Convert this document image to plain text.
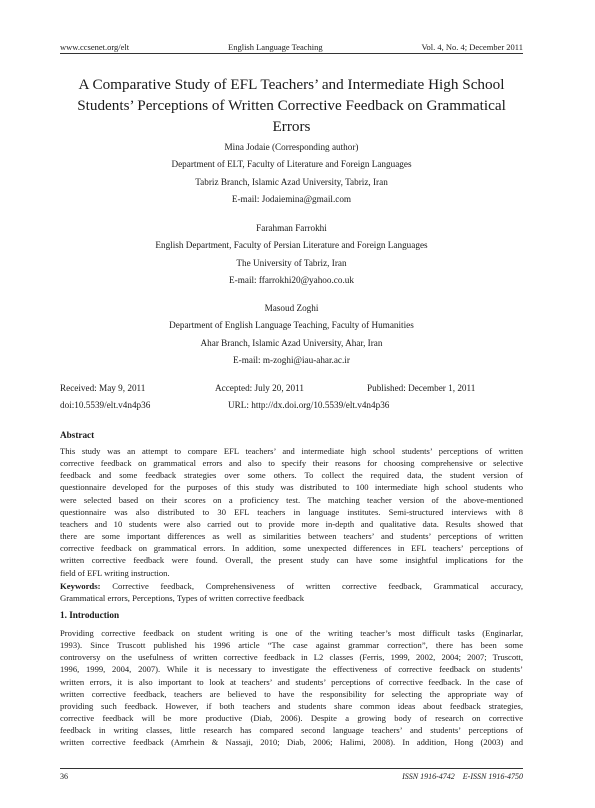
www.ccsenet.org/elt	English Language Teaching	Vol. 4, No. 4; December 2011
A Comparative Study of EFL Teachers’ and Intermediate High School
Students’ Perceptions of Written Corrective Feedback on Grammatical
Errors
Mina Jodaie (Corresponding author)
Department of ELT, Faculty of Literature and Foreign Languages
Tabriz Branch, Islamic Azad University, Tabriz, Iran
E-mail: Jodaiemina@gmail.com
Farahman Farrokhi
English Department, Faculty of Persian Literature and Foreign Languages
The University of Tabriz, Iran
E-mail: ffarrokhi20@yahoo.co.uk
Masoud Zoghi
Department of English Language Teaching, Faculty of Humanities
Ahar Branch, Islamic Azad University, Ahar, Iran
E-mail: m-zoghi@iau-ahar.ac.ir
Received: May 9, 2011	Accepted: July 20, 2011	Published: December 1, 2011
doi:10.5539/elt.v4n4p36	URL: http://dx.doi.org/10.5539/elt.v4n4p36
Abstract

This study was an attempt to compare EFL teachers’ and intermediate high school students’ perceptions of written
corrective feedback on grammatical errors and also to specify their reasons for choosing comprehensive or selective
feedback and some feedback strategies over some others. To collect the required data, the student version of
questionnaire developed for the purposes of this study was distributed to 100 intermediate high school students who
were selected based on their scores on a proficiency test. The matching teacher version of the above-mentioned
questionnaire was also distributed to 30 EFL teachers in language institutes. Semi-structured interviews with 8
teachers and 10 students were also carried out to provide more in-depth and qualitative data. Results showed that
there are some important differences as well as similarities between teachers’ and students’ perceptions of written
corrective feedback on grammatical errors. In addition, some unexpected differences in EFL teachers’ perceptions of
written corrective feedback were found. Overall, the present study can have some insightful implications for the
field of EFL writing instruction.

Keywords: Corrective feedback, Comprehensiveness of written corrective feedback, Grammatical accuracy,
Grammatical errors, Perceptions, Types of written corrective feedback

1. Introduction

Providing corrective feedback on student writing is one of the writing teacher’s most difficult tasks (Enginarlar,
1993). Since Truscott published his 1996 article “The case against grammar correction”, there has been some
controversy on the usefulness of written corrective feedback in L2 classes (Ferris, 1999, 2002, 2004; 2007; Truscott,
1996, 1999, 2004, 2007). While it is necessary to investigate the effectiveness of corrective feedback on students’
written errors, it is also important to look at teachers’ and students’ perceptions of corrective feedback. In the case of
written corrective feedback, teachers are believed to have the responsibility for selecting the appropriate way of
providing such feedback. However, if both teachers and students share common ideas about feedback strategies,
corrective feedback will be more productive (Diab, 2006). Despite a growing body of research on corrective
feedback in writing classes, little research has compared second language teachers’ and students’ perceptions of
written corrective feedback (Amrhein & Nassaji, 2010; Diab, 2006; Halimi, 2008). In addition, Hong (2003) and

36	ISSN 1916-4742 E-ISSN 1916-4750
